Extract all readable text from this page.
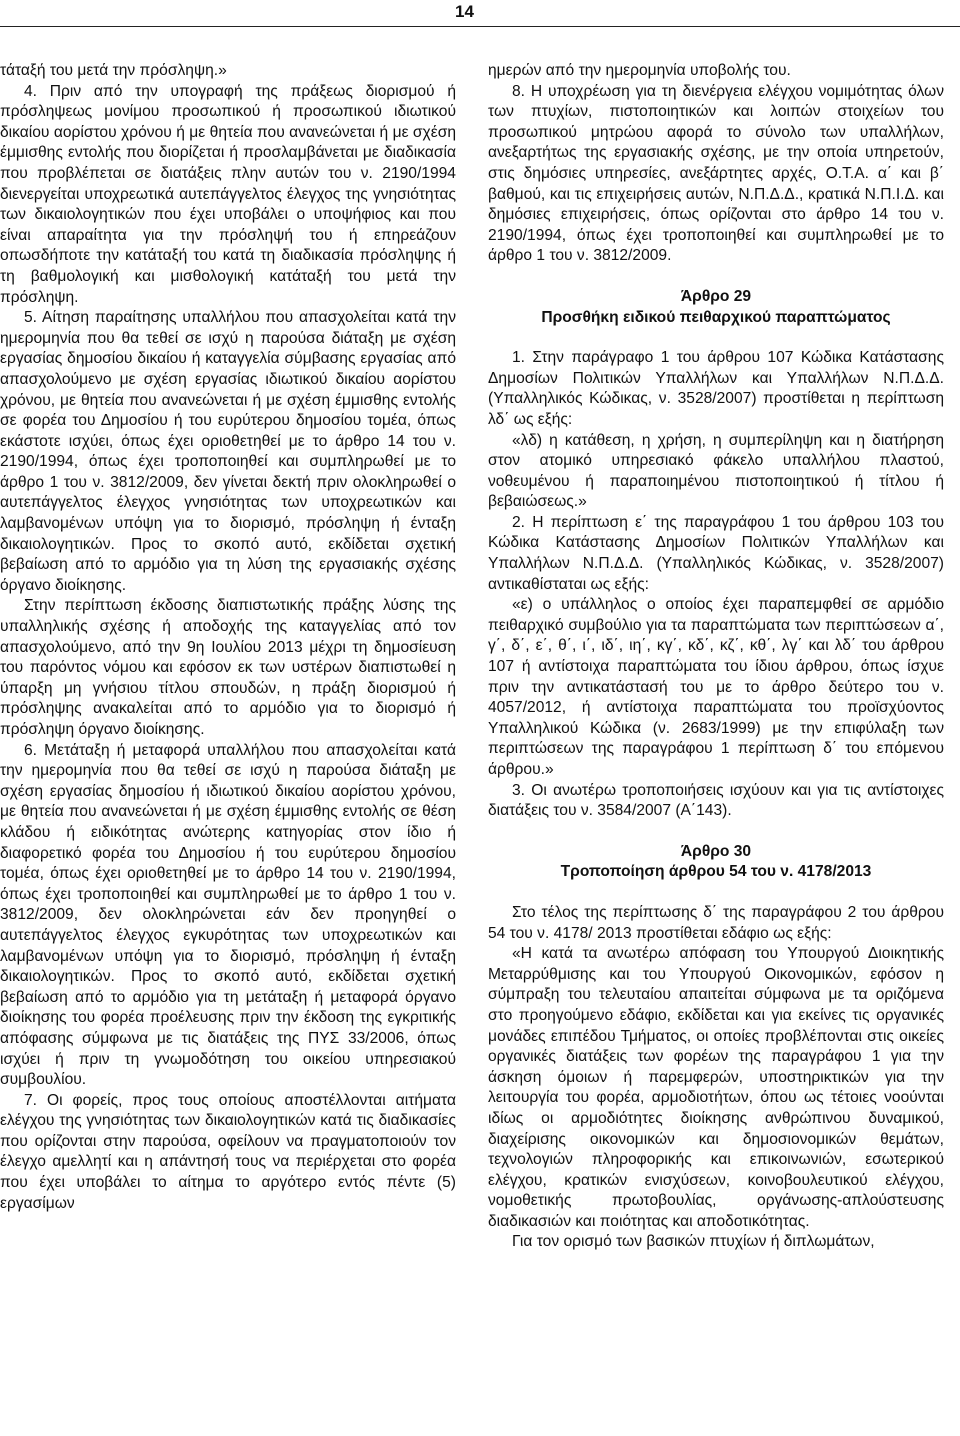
14

τάταξή του μετά την πρόσληψη.»

4. Πριν από την υπογραφή της πράξεως διορισμού ή πρόσληψεως μονίμου προσωπικού ή προσωπικού ιδιωτικού δικαίου αορίστου χρόνου ή με θητεία που ανανεώνεται ή με σχέση έμμισθης εντολής που διορίζεται ή προσλαμβάνεται με διαδικασία που προβλέπεται σε διατάξεις πλην αυτών του ν. 2190/1994 διενεργείται υποχρεωτικά αυτεπάγγελτος έλεγχος της γνησιότητας των δικαιολογητικών που έχει υποβάλει ο υποψήφιος και που είναι απαραίτητα για την πρόσληψή του ή επηρεάζουν οπωσδήποτε την κατάταξή του κατά τη διαδικασία πρόσληψης ή τη βαθμολογική και μισθολογική κατάταξή του μετά την πρόσληψη.

5. Αίτηση παραίτησης υπαλλήλου που απασχολείται κατά την ημερομηνία που θα τεθεί σε ισχύ η παρούσα διάταξη με σχέση εργασίας δημοσίου δικαίου ή καταγγελία σύμβασης εργασίας από απασχολούμενο με σχέση εργασίας ιδιωτικού δικαίου αορίστου χρόνου, με θητεία που ανανεώνεται ή με σχέση έμμισθης εντολής σε φορέα του Δημοσίου ή του ευρύτερου δημοσίου τομέα, όπως εκάστοτε ισχύει, όπως έχει οριοθετηθεί με το άρθρο 14 του ν. 2190/1994, όπως έχει τροποποιηθεί και συμπληρωθεί με το άρθρο 1 του ν. 3812/2009, δεν γίνεται δεκτή πριν ολοκληρωθεί ο αυτεπάγγελτος έλεγχος γνησιότητας των υποχρεωτικών και λαμβανομένων υπόψη για το διορισμό, πρόσληψη ή ένταξη δικαιολογητικών. Προς το σκοπό αυτό, εκδίδεται σχετική βεβαίωση από το αρμόδιο για τη λύση της εργασιακής σχέσης όργανο διοίκησης.

Στην περίπτωση έκδοσης διαπιστωτικής πράξης λύσης της υπαλληλικής σχέσης ή αποδοχής της καταγγελίας από τον απασχολούμενο, από την 9η Ιουλίου 2013 μέχρι τη δημοσίευση του παρόντος νόμου και εφόσον εκ των υστέρων διαπιστωθεί η ύπαρξη μη γνήσιου τίτλου σπουδών, η πράξη διορισμού ή πρόσληψης ανακαλείται από το αρμόδιο για το διορισμό ή πρόσληψη όργανο διοίκησης.

6. Μετάταξη ή μεταφορά υπαλλήλου που απασχολείται κατά την ημερομηνία που θα τεθεί σε ισχύ η παρούσα διάταξη με σχέση εργασίας δημοσίου ή ιδιωτικού δικαίου αορίστου χρόνου, με θητεία που ανανεώνεται ή με σχέση έμμισθης εντολής σε θέση κλάδου ή ειδικότητας ανώτερης κατηγορίας στον ίδιο ή διαφορετικό φορέα του Δημοσίου ή του ευρύτερου δημοσίου τομέα, όπως έχει οριοθετηθεί με το άρθρο 14 του ν. 2190/1994, όπως έχει τροποποιηθεί και συμπληρωθεί με το άρθρο 1 του ν. 3812/2009, δεν ολοκληρώνεται εάν δεν προηγηθεί ο αυτεπάγγελτος έλεγχος εγκυρότητας των υποχρεωτικών και λαμβανομένων υπόψη για το διορισμό, πρόσληψη ή ένταξη δικαιολογητικών. Προς το σκοπό αυτό, εκδίδεται σχετική βεβαίωση από το αρμόδιο για τη μετάταξη ή μεταφορά όργανο διοίκησης του φορέα προέλευσης πριν την έκδοση της εγκριτικής απόφασης σύμφωνα με τις διατάξεις της ΠΥΣ 33/2006, όπως ισχύει ή πριν τη γνωμοδότηση του οικείου υπηρεσιακού συμβουλίου.

7. Οι φορείς, προς τους οποίους αποστέλλονται αιτήματα ελέγχου της γνησιότητας των δικαιολογητικών κατά τις διαδικασίες που ορίζονται στην παρούσα, οφείλουν να πραγματοποιούν τον έλεγχο αμελλητί και η απάντησή τους να περιέρχεται στο φορέα που έχει υποβάλει το αίτημα το αργότερο εντός πέντε (5) εργασίμων

ημερών από την ημερομηνία υποβολής του.

8. Η υποχρέωση για τη διενέργεια ελέγχου νομιμότητας όλων των πτυχίων, πιστοποιητικών και λοιπών στοιχείων του προσωπικού μητρώου αφορά το σύνολο των υπαλλήλων, ανεξαρτήτως της εργασιακής σχέσης, με την οποία υπηρετούν, στις δημόσιες υπηρεσίες, ανεξάρτητες αρχές, Ο.Τ.Α. α΄ και β΄ βαθμού, και τις επιχειρήσεις αυτών, Ν.Π.Δ.Δ., κρατικά Ν.Π.Ι.Δ. και δημόσιες επιχειρήσεις, όπως ορίζονται στο άρθρο 14 του ν. 2190/1994, όπως έχει τροποποιηθεί και συμπληρωθεί με το άρθρο 1 του ν. 3812/2009.

Άρθρο 29

Προσθήκη ειδικού πειθαρχικού παραπτώματος

1. Στην παράγραφο 1 του άρθρου 107 Κώδικα Κατάστασης Δημοσίων Πολιτικών Υπαλλήλων και Υπαλλήλων Ν.Π.Δ.Δ. (Υπαλληλικός Κώδικας, ν. 3528/2007) προστίθεται η περίπτωση λδ΄ ως εξής:

«λδ) η κατάθεση, η χρήση, η συμπερίληψη και η διατήρηση στον ατομικό υπηρεσιακό φάκελο υπαλλήλου πλαστού, νοθευμένου ή παραποιημένου πιστοποιητικού ή τίτλου ή βεβαιώσεως.»

2. Η περίπτωση ε΄ της παραγράφου 1 του άρθρου 103 του Κώδικα Κατάστασης Δημοσίων Πολιτικών Υπαλλήλων και Υπαλλήλων Ν.Π.Δ.Δ. (Υπαλληλικός Κώδικας, ν. 3528/2007) αντικαθίσταται ως εξής:

«ε) ο υπάλληλος ο οποίος έχει παραπεμφθεί σε αρμόδιο πειθαρχικό συμβούλιο για τα παραπτώματα των περιπτώσεων α΄, γ΄, δ΄, ε΄, θ΄, ι΄, ιδ΄, ιη΄, κγ΄, κδ΄, κζ΄, κθ΄, λγ΄ και λδ΄ του άρθρου 107 ή αντίστοιχα παραπτώματα του ίδιου άρθρου, όπως ίσχυε πριν την αντικατάστασή του με το άρθρο δεύτερο του ν. 4057/2012, ή αντίστοιχα παραπτώματα του προϊσχύοντος Υπαλληλικού Κώδικα (ν. 2683/1999) με την επιφύλαξη των περιπτώσεων της παραγράφου 1 περίπτωση δ΄ του επόμενου άρθρου.»

3. Οι ανωτέρω τροποποιήσεις ισχύουν και για τις αντίστοιχες διατάξεις του ν. 3584/2007 (Α΄143).

Άρθρο 30

Τροποποίηση άρθρου 54 του ν. 4178/2013

Στο τέλος της περίπτωσης δ΄ της παραγράφου 2 του άρθρου 54 του ν. 4178/ 2013 προστίθεται εδάφιο ως εξής:

«Η κατά τα ανωτέρω απόφαση του Υπουργού Διοικητικής Μεταρρύθμισης και του Υπουργού Οικονομικών, εφόσον η σύμπραξη του τελευταίου απαιτείται σύμφωνα με τα οριζόμενα στο προηγούμενο εδάφιο, εκδίδεται και για εκείνες τις οργανικές μονάδες επιπέδου Τμήματος, οι οποίες προβλέπονται στις οικείες οργανικές διατάξεις των φορέων της παραγράφου 1 για την άσκηση όμοιων ή παρεμφερών, υποστηρικτικών για την λειτουργία του φορέα, αρμοδιοτήτων, όπου ως τέτοιες νοούνται ιδίως οι αρμοδιότητες διοίκησης ανθρώπινου δυναμικού, διαχείρισης οικονομικών και δημοσιονομικών θεμάτων, τεχνολογιών πληροφορικής και επικοινωνιών, εσωτερικού ελέγχου, κρατικών ενισχύσεων, κοινοβουλευτικού ελέγχου, νομοθετικής πρωτοβουλίας, οργάνωσης-απλούστευσης διαδικασιών και ποιότητας και αποδοτικότητας.

Για τον ορισμό των βασικών πτυχίων ή διπλωμάτων,
